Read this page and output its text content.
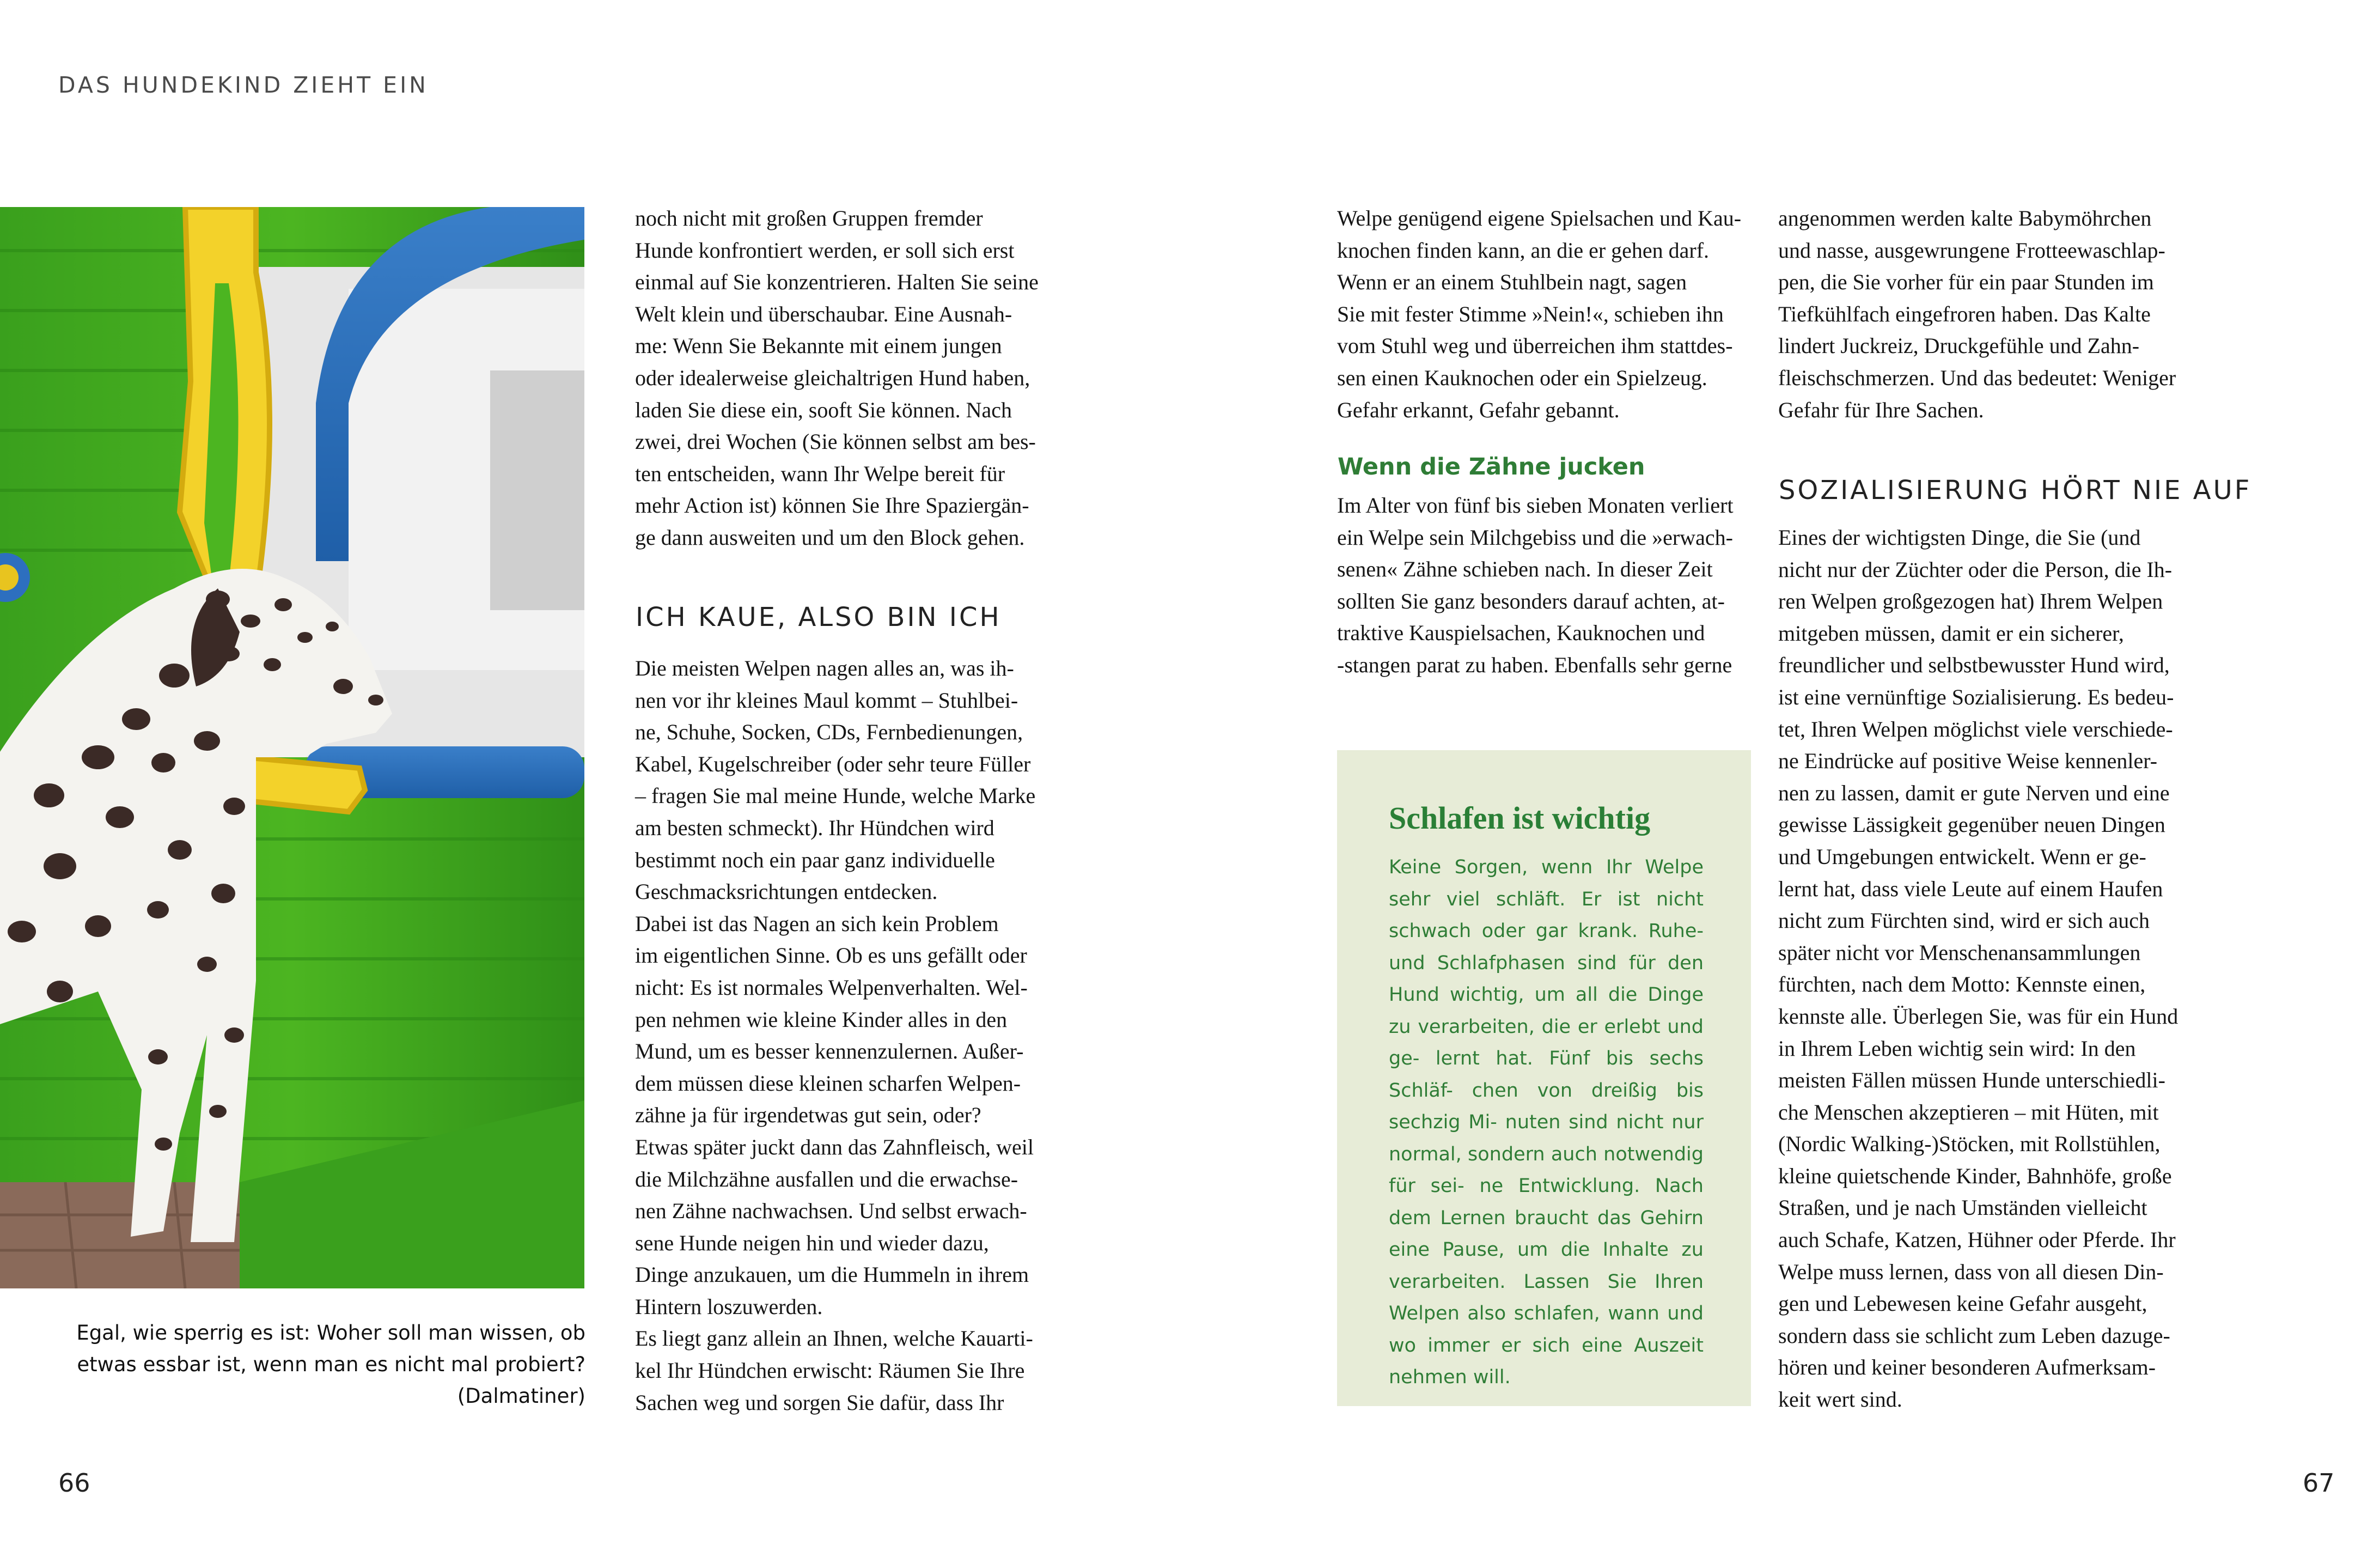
DAS HUNDEKIND ZIEHT EIN
Egal, wie sperrig es ist: Woher soll man wissen, ob etwas essbar ist, wenn man es nicht mal probiert? (Dalmatiner)
noch nicht mit großen Gruppen fremder
Hunde konfrontiert werden, er soll sich erst
einmal auf Sie konzentrieren. Halten Sie seine
Welt klein und überschaubar. Eine Ausnah-
me: Wenn Sie Bekannte mit einem jungen
oder idealerweise gleichaltrigen Hund haben,
laden Sie diese ein, sooft Sie können. Nach
zwei, drei Wochen (Sie können selbst am bes-
ten entscheiden, wann Ihr Welpe bereit für
mehr Action ist) können Sie Ihre Spaziergän-
ge dann ausweiten und um den Block gehen.
ICH KAUE, ALSO BIN ICH
Die meisten Welpen nagen alles an, was ih-
nen vor ihr kleines Maul kommt – Stuhlbei-
ne, Schuhe, Socken, CDs, Fernbedienungen,
Kabel, Kugelschreiber (oder sehr teure Füller
– fragen Sie mal meine Hunde, welche Marke
am besten schmeckt). Ihr Hündchen wird
bestimmt noch ein paar ganz individuelle
Geschmacksrichtungen entdecken.
Dabei ist das Nagen an sich kein Problem
im eigentlichen Sinne. Ob es uns gefällt oder
nicht: Es ist normales Welpenverhalten. Wel-
pen nehmen wie kleine Kinder alles in den
Mund, um es besser kennenzulernen. Außer-
dem müssen diese kleinen scharfen Welpen-
zähne ja für irgendetwas gut sein, oder?
Etwas später juckt dann das Zahnfleisch, weil
die Milchzähne ausfallen und die erwachse-
nen Zähne nachwachsen. Und selbst erwach-
sene Hunde neigen hin und wieder dazu,
Dinge anzukauen, um die Hummeln in ihrem
Hintern loszuwerden.
Es liegt ganz allein an Ihnen, welche Kauarti-
kel Ihr Hündchen erwischt: Räumen Sie Ihre
Sachen weg und sorgen Sie dafür, dass Ihr
Welpe genügend eigene Spielsachen und Kau-
knochen finden kann, an die er gehen darf.
Wenn er an einem Stuhlbein nagt, sagen
Sie mit fester Stimme »Nein!«, schieben ihn
vom Stuhl weg und überreichen ihm stattdes-
sen einen Kauknochen oder ein Spielzeug.
Gefahr erkannt, Gefahr gebannt.
Wenn die Zähne jucken
Im Alter von fünf bis sieben Monaten verliert
ein Welpe sein Milchgebiss und die »erwach-
senen« Zähne schieben nach. In dieser Zeit
sollten Sie ganz besonders darauf achten, at-
traktive Kauspielsachen, Kauknochen und
-stangen parat zu haben. Ebenfalls sehr gerne
Schlafen ist wichtig
Keine Sorgen, wenn Ihr Welpe sehr viel schläft. Er ist nicht schwach oder gar krank. Ruhe- und Schlafphasen sind für den Hund wichtig, um all die Dinge zu verarbeiten, die er erlebt und ge- lernt hat. Fünf bis sechs Schläf- chen von dreißig bis sechzig Mi- nuten sind nicht nur normal, sondern auch notwendig für sei- ne Entwicklung. Nach dem Lernen braucht das Gehirn eine Pause, um die Inhalte zu verarbeiten. Lassen Sie Ihren Welpen also schlafen, wann und wo immer er sich eine Auszeit nehmen will.
angenommen werden kalte Babymöhrchen
und nasse, ausgewrungene Frotteewaschlap-
pen, die Sie vorher für ein paar Stunden im
Tiefkühlfach eingefroren haben. Das Kalte
lindert Juckreiz, Druckgefühle und Zahn-
fleischschmerzen. Und das bedeutet: Weniger
Gefahr für Ihre Sachen.
SOZIALISIERUNG HÖRT NIE AUF
Eines der wichtigsten Dinge, die Sie (und
nicht nur der Züchter oder die Person, die Ih-
ren Welpen großgezogen hat) Ihrem Welpen
mitgeben müssen, damit er ein sicherer,
freundlicher und selbstbewusster Hund wird,
ist eine vernünftige Sozialisierung. Es bedeu-
tet, Ihren Welpen möglichst viele verschiede-
ne Eindrücke auf positive Weise kennenler-
nen zu lassen, damit er gute Nerven und eine
gewisse Lässigkeit gegenüber neuen Dingen
und Umgebungen entwickelt. Wenn er ge-
lernt hat, dass viele Leute auf einem Haufen
nicht zum Fürchten sind, wird er sich auch
später nicht vor Menschenansammlungen
fürchten, nach dem Motto: Kennste einen,
kennste alle. Überlegen Sie, was für ein Hund
in Ihrem Leben wichtig sein wird: In den
meisten Fällen müssen Hunde unterschiedli-
che Menschen akzeptieren – mit Hüten, mit
(Nordic Walking-)Stöcken, mit Rollstühlen,
kleine quietschende Kinder, Bahnhöfe, große
Straßen, und je nach Umständen vielleicht
auch Schafe, Katzen, Hühner oder Pferde. Ihr
Welpe muss lernen, dass von all diesen Din-
gen und Lebewesen keine Gefahr ausgeht,
sondern dass sie schlicht zum Leben dazuge-
hören und keiner besonderen Aufmerksam-
keit wert sind.
66	67
